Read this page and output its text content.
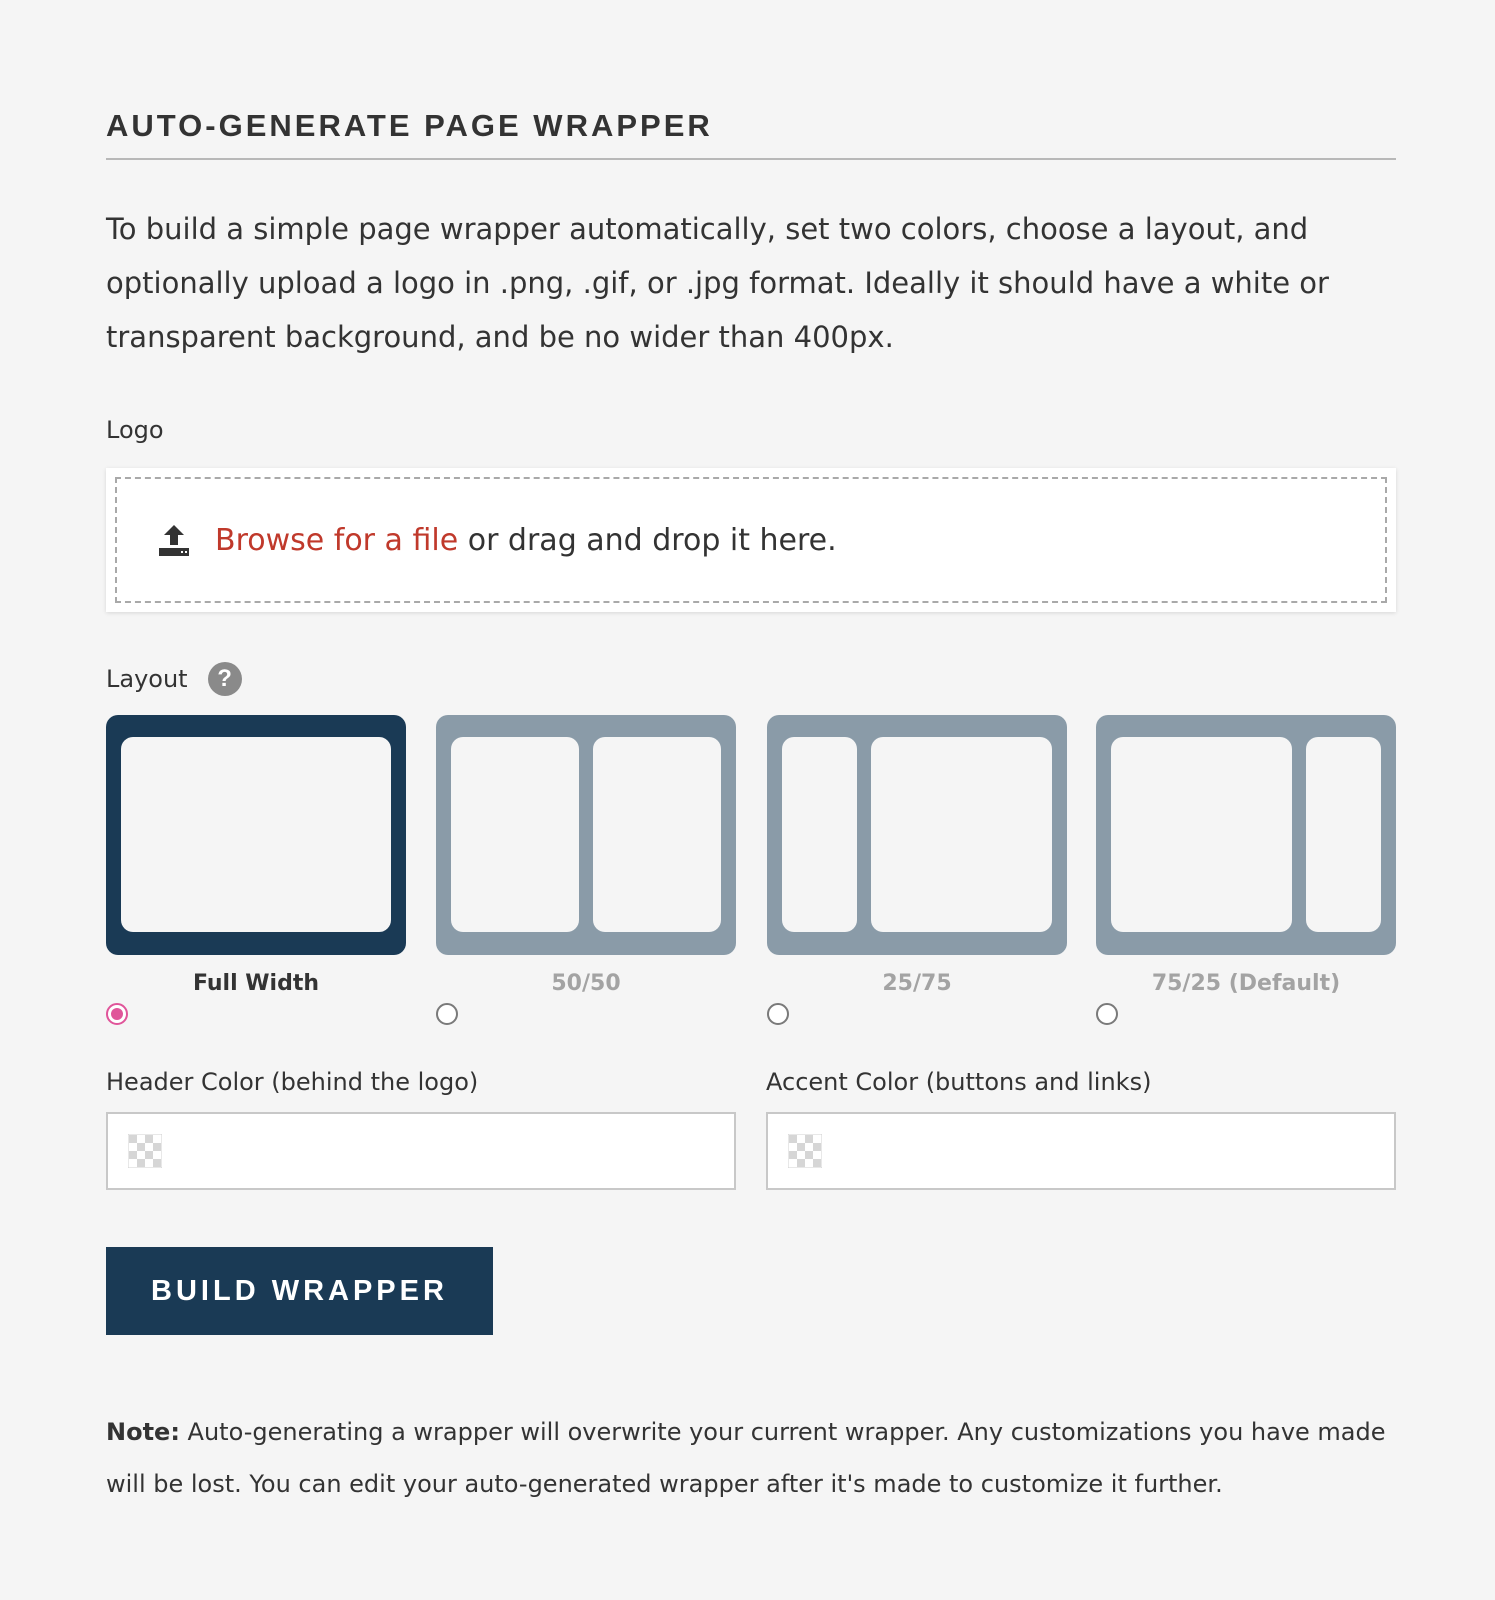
AUTO-GENERATE PAGE WRAPPER

To build a simple page wrapper automatically, set two colors, choose a layout, and optionally upload a logo in .png, .gif, or .jpg format. Ideally it should have a white or transparent background, and be no wider than 400px.

Logo
Browse for a file or drag and drop it here.
Layout	?
Full Width	50/50	25/75	75/25 (Default)
Header Color (behind the logo)	Accent Color (buttons and links)
BUILD WRAPPER

Note: Auto-generating a wrapper will overwrite your current wrapper. Any customizations you have made will be lost. You can edit your auto-generated wrapper after it's made to customize it further.
